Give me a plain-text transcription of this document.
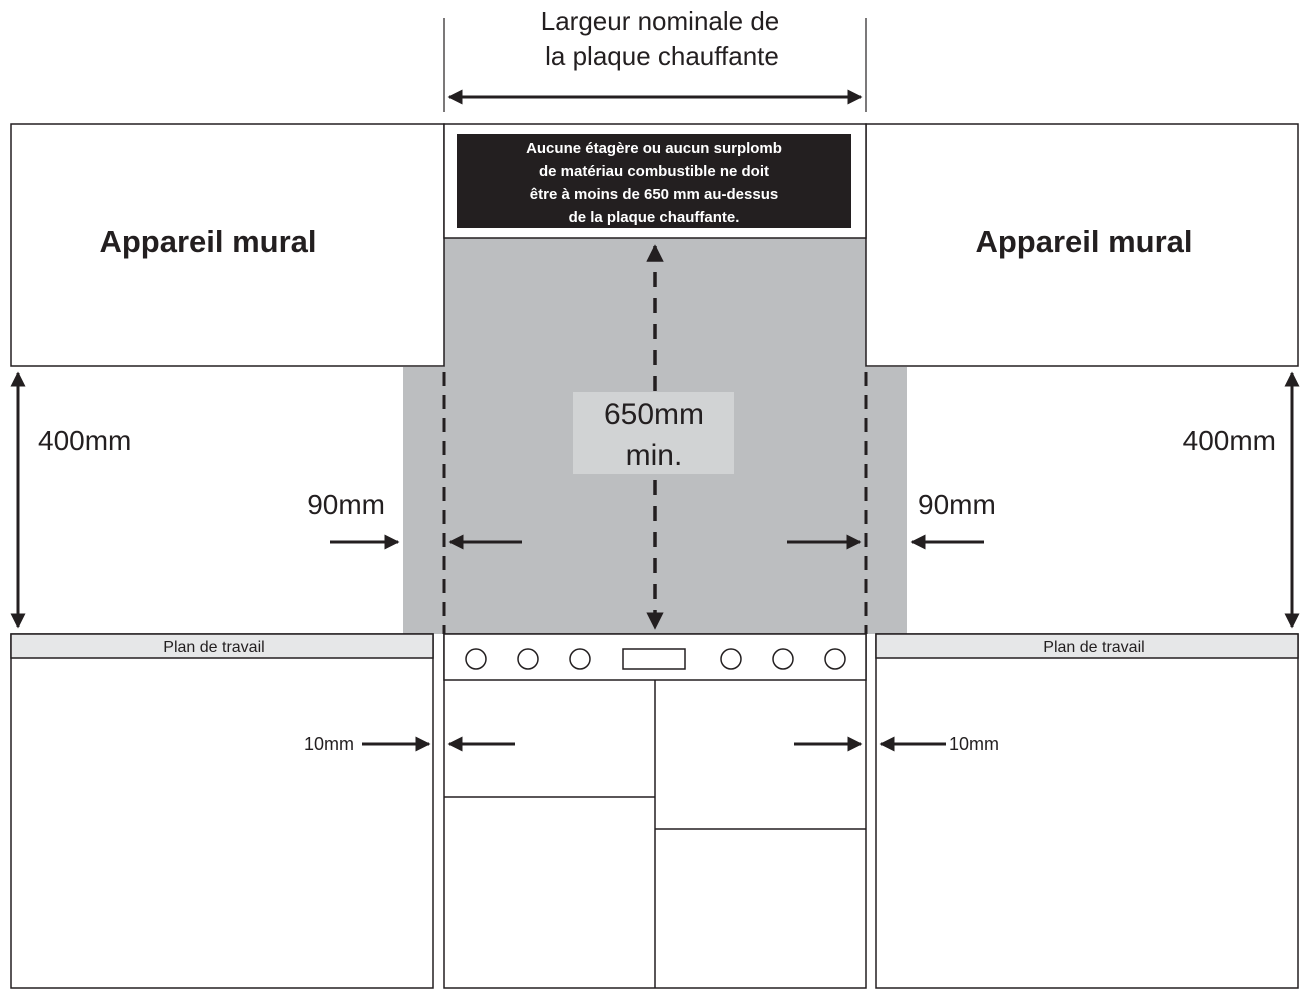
Largeur nominale de
la plaque chauffante
Appareil mural	Appareil mural
Aucune étagère ou aucun surplomb
de matériau combustible ne doit
être à moins de 650 mm au-dessus
de la plaque chauffante.
650mm
min.
400mm	400mm
90mm	90mm
Plan de travail	Plan de travail
10mm	10mm
